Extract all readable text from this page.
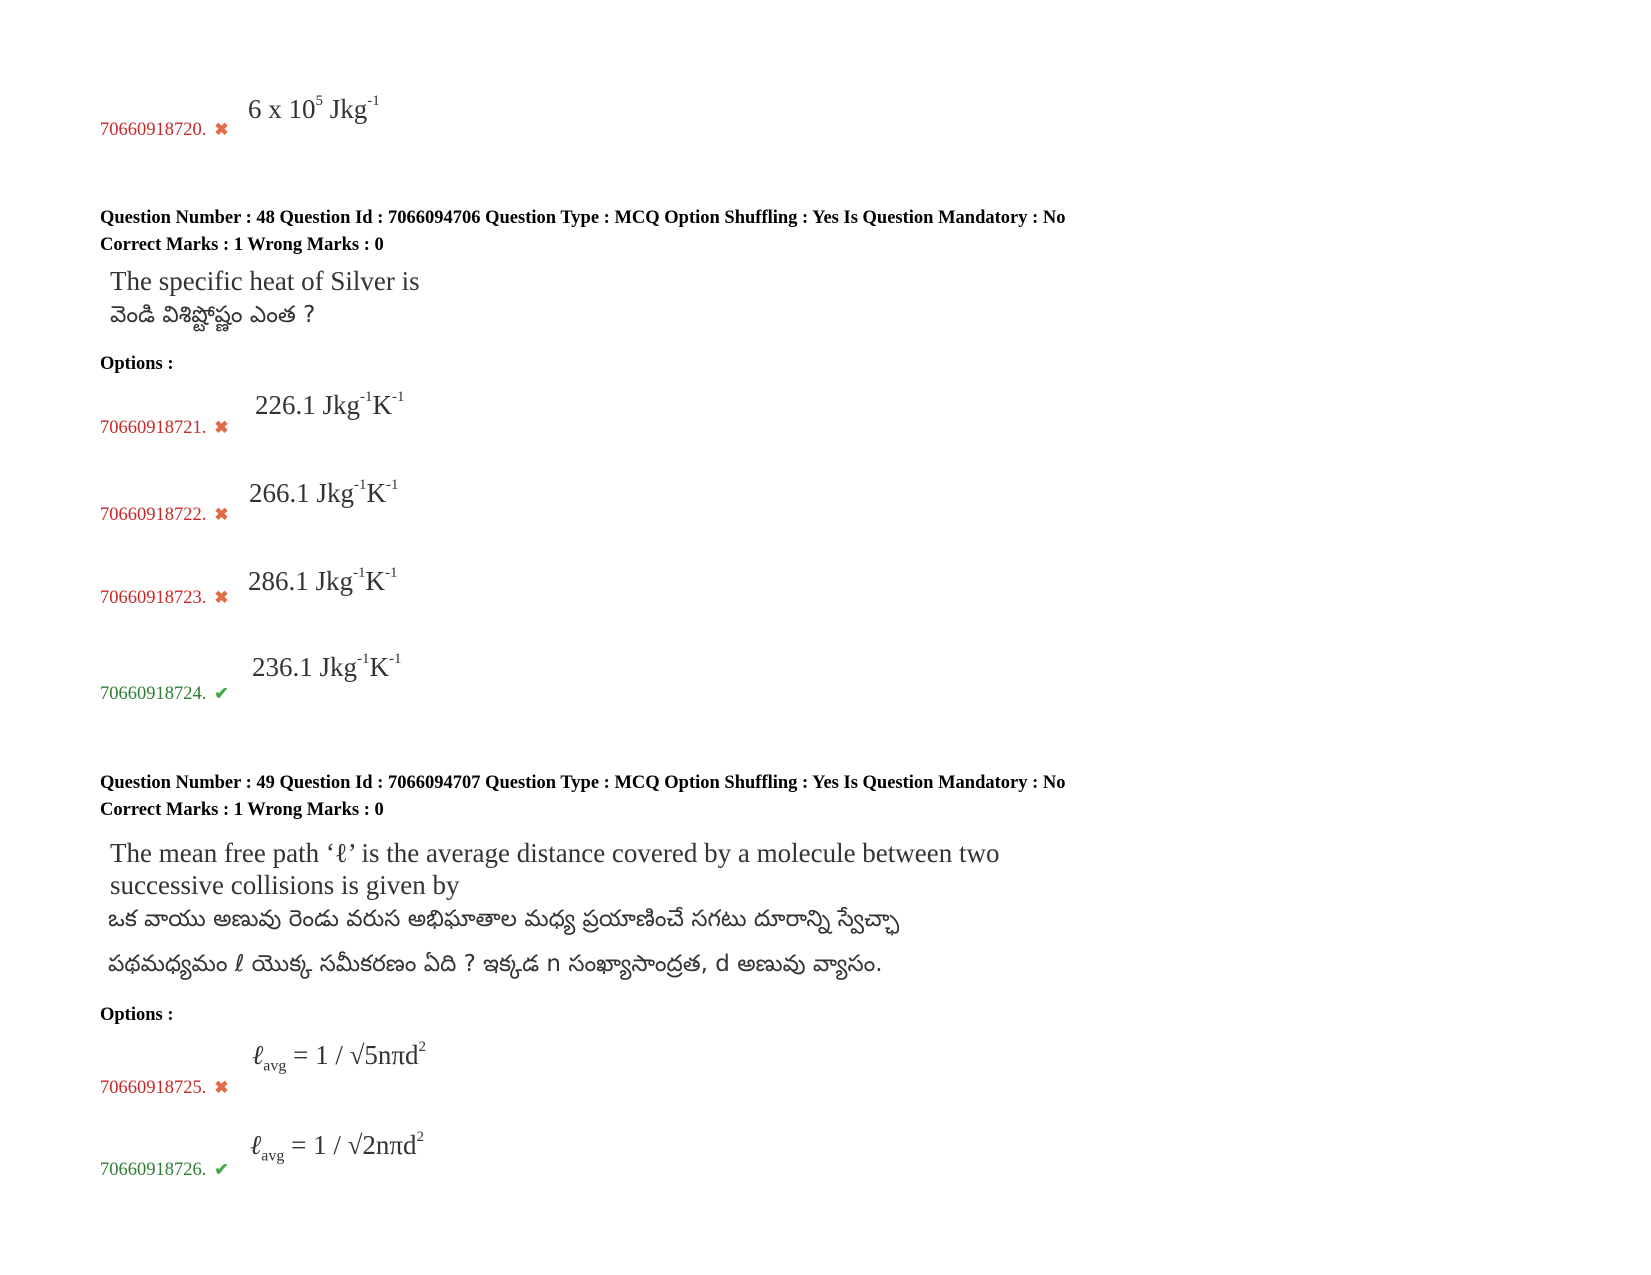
70660918720. ✖
6 x $10^5$ Jkg$^{-1}$
Question Number : 48 Question Id : 7066094706 Question Type : MCQ Option Shuffling : Yes Is Question Mandatory : No
Correct Marks : 1 Wrong Marks : 0
The specific heat of Silver is
వెండి విశిష్టోష్ణం ఎంత ?
Options :
70660918721. ✖
226.1 $Jkg^{-1}K^{-1}$
70660918722. ✖
266.1 $Jkg^{-1}K^{-1}$
70660918723. ✖
286.1 $Jkg^{-1}K^{-1}$
70660918724. ✔
236.1 $Jkg^{-1}K^{-1}$
Question Number : 49 Question Id : 7066094707 Question Type : MCQ Option Shuffling : Yes Is Question Mandatory : No
Correct Marks : 1 Wrong Marks : 0
The mean free path ‘ℓ’ is the average distance covered by a molecule between two
successive collisions is given by
ఒక వాయు అణువు రెండు వరుస అభిఘాతాల మధ్య ప్రయాణించే సగటు దూరాన్ని స్వేచ్ఛా
పథమధ్యమం ℓ యొక్క సమీకరణం ఏది ? ఇక్కడ n సంఖ్యాసాంద్రత, d అణువు వ్యాసం.
Options :
70660918725. ✖
ℓ$_{avg}$ = 1 / √5nπd$^2$
70660918726. ✔
ℓ$_{avg}$ = 1 / √2nπd$^2$
